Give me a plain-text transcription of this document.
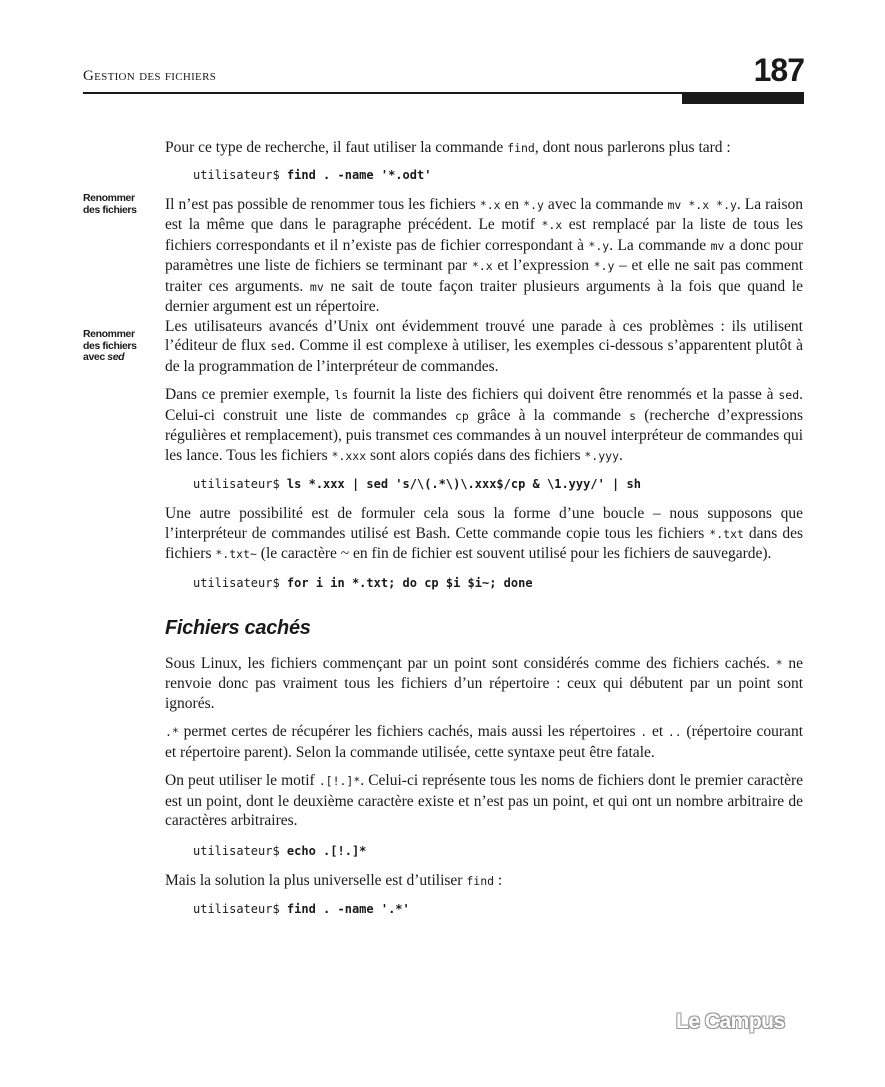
Gestion des fichiers	187
Renommer des fichiers
Renommer des fichiers avec sed

Pour ce type de recherche, il faut utiliser la commande find, dont nous parlerons plus tard :

utilisateur$ find . -name '*.odt'

Il n’est pas possible de renommer tous les fichiers *.x en *.y avec la commande mv *.x *.y. La raison est la même que dans le paragraphe précédent. Le motif *.x est remplacé par la liste de tous les fichiers correspondants et il n’existe pas de fichier correspondant à *.y. La commande mv a donc pour paramètres une liste de fichiers se terminant par *.x et l’expression *.y – et elle ne sait pas comment traiter ces arguments. mv ne sait de toute façon traiter plusieurs arguments à la fois que quand le dernier argument est un répertoire.

Les utilisateurs avancés d’Unix ont évidemment trouvé une parade à ces problèmes : ils utilisent l’éditeur de flux sed. Comme il est complexe à utiliser, les exemples ci-dessous s’apparentent plutôt à de la programmation de l’interpréteur de commandes.

Dans ce premier exemple, ls fournit la liste des fichiers qui doivent être renommés et la passe à sed. Celui-ci construit une liste de commandes cp grâce à la commande s (recherche d’expressions régulières et remplacement), puis transmet ces commandes à un nouvel interpréteur de commandes qui les lance. Tous les fichiers *.xxx sont alors copiés dans des fichiers *.yyy.

utilisateur$ ls *.xxx | sed 's/\(.*\)\.xxx$/cp & \1.yyy/' | sh

Une autre possibilité est de formuler cela sous la forme d’une boucle – nous supposons que l’interpréteur de commandes utilisé est Bash. Cette commande copie tous les fichiers *.txt dans des fichiers *.txt~ (le caractère ~ en fin de fichier est souvent utilisé pour les fichiers de sauvegarde).

utilisateur$ for i in *.txt; do cp $i $i~; done
Fichiers cachés

Sous Linux, les fichiers commençant par un point sont considérés comme des fichiers cachés. * ne renvoie donc pas vraiment tous les fichiers d’un répertoire : ceux qui débutent par un point sont ignorés.

.* permet certes de récupérer les fichiers cachés, mais aussi les répertoires . et .. (répertoire courant et répertoire parent). Selon la commande utilisée, cette syntaxe peut être fatale.

On peut utiliser le motif .[!.]*. Celui-ci représente tous les noms de fichiers dont le premier caractère est un point, dont le deuxième caractère existe et n’est pas un point, et qui ont un nombre arbitraire de caractères arbitraires.

utilisateur$ echo .[!.]*

Mais la solution la plus universelle est d’utiliser find :

utilisateur$ find . -name '.*'
Le Campus
